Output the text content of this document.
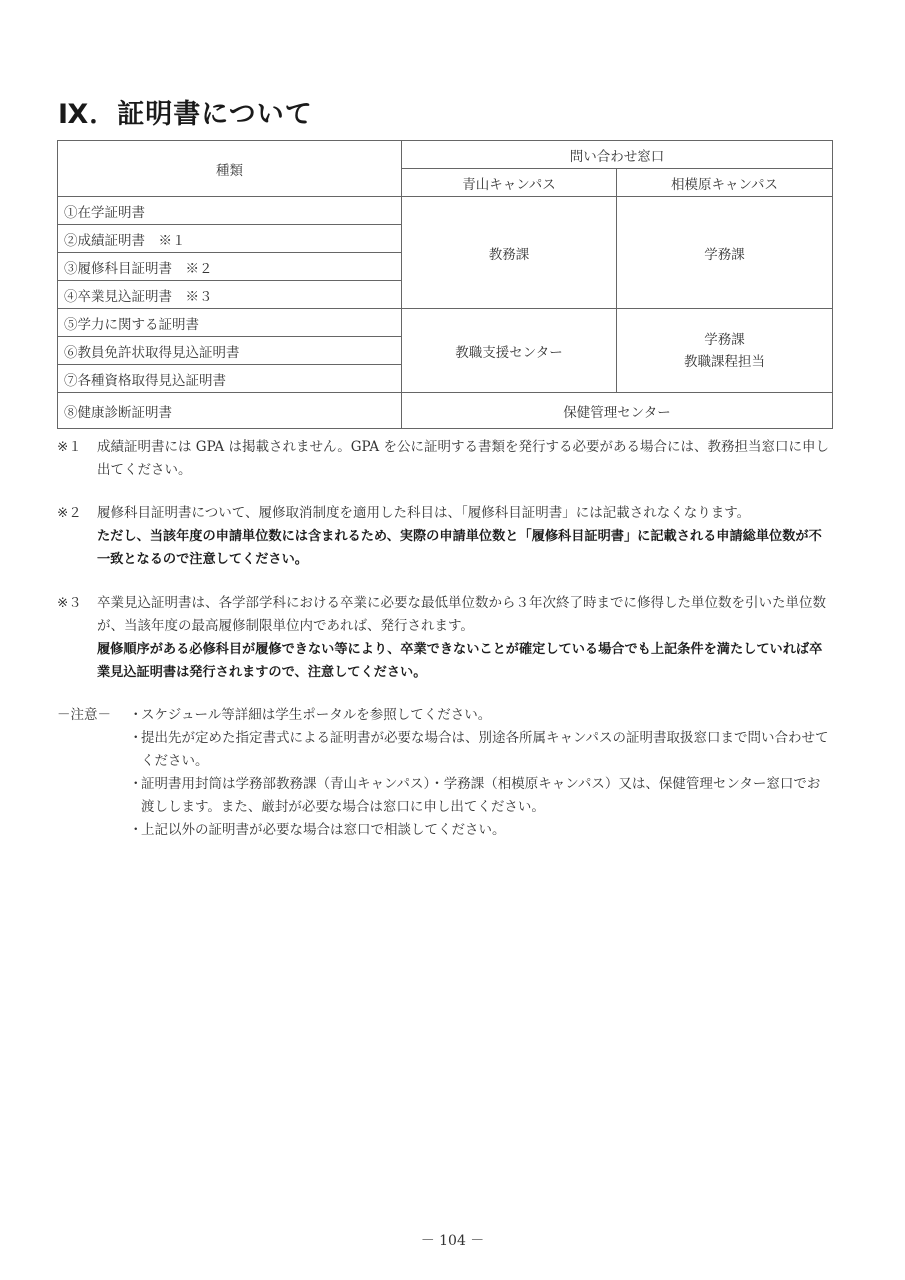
Ⅸ．証明書について
種類	問い合わせ窓口	
	青山キャンパス	相模原キャンパス
①在学証明書	教務課	学務課
②成績証明書　※１		
③履修科目証明書　※２		
④卒業見込証明書　※３		
⑤学力に関する証明書	教職支援センター	学務課
教職課程担当

⑥教員免許状取得見込証明書		
⑦各種資格取得見込証明書		
⑧健康診断証明書	保健管理センター	
※１	成績証明書には GPA は掲載されません。GPA を公に証明する書類を発行する必要がある場合には、教務担当窓口に申し出てください。
※２	履修科目証明書について、履修取消制度を適用した科目は、「履修科目証明書」には記載されなくなります。
ただし、当該年度の申請単位数には含まれるため、実際の申請単位数と「履修科目証明書」に記載される申請総単位数が不一致となるので注意してください。
※３	卒業見込証明書は、各学部学科における卒業に必要な最低単位数から３年次終了時までに修得した単位数を引いた単位数が、当該年度の最高履修制限単位内であれば、発行されます。
履修順序がある必修科目が履修できない等により、卒業できないことが確定している場合でも上記条件を満たしていれば卒業見込証明書は発行されますので、注意してください。
－注意－ ・
スケジュール等詳細は学生ポータルを参照してください。
・
提出先が定めた指定書式による証明書が必要な場合は、別途各所属キャンパスの証明書取扱窓口まで問い合わせてください。
・
証明書用封筒は学務部教務課（青山キャンパス）・学務課（相模原キャンパス）又は、保健管理センター窓口でお渡しします。また、厳封が必要な場合は窓口に申し出てください。
・
上記以外の証明書が必要な場合は窓口で相談してください。
－ 104 －
